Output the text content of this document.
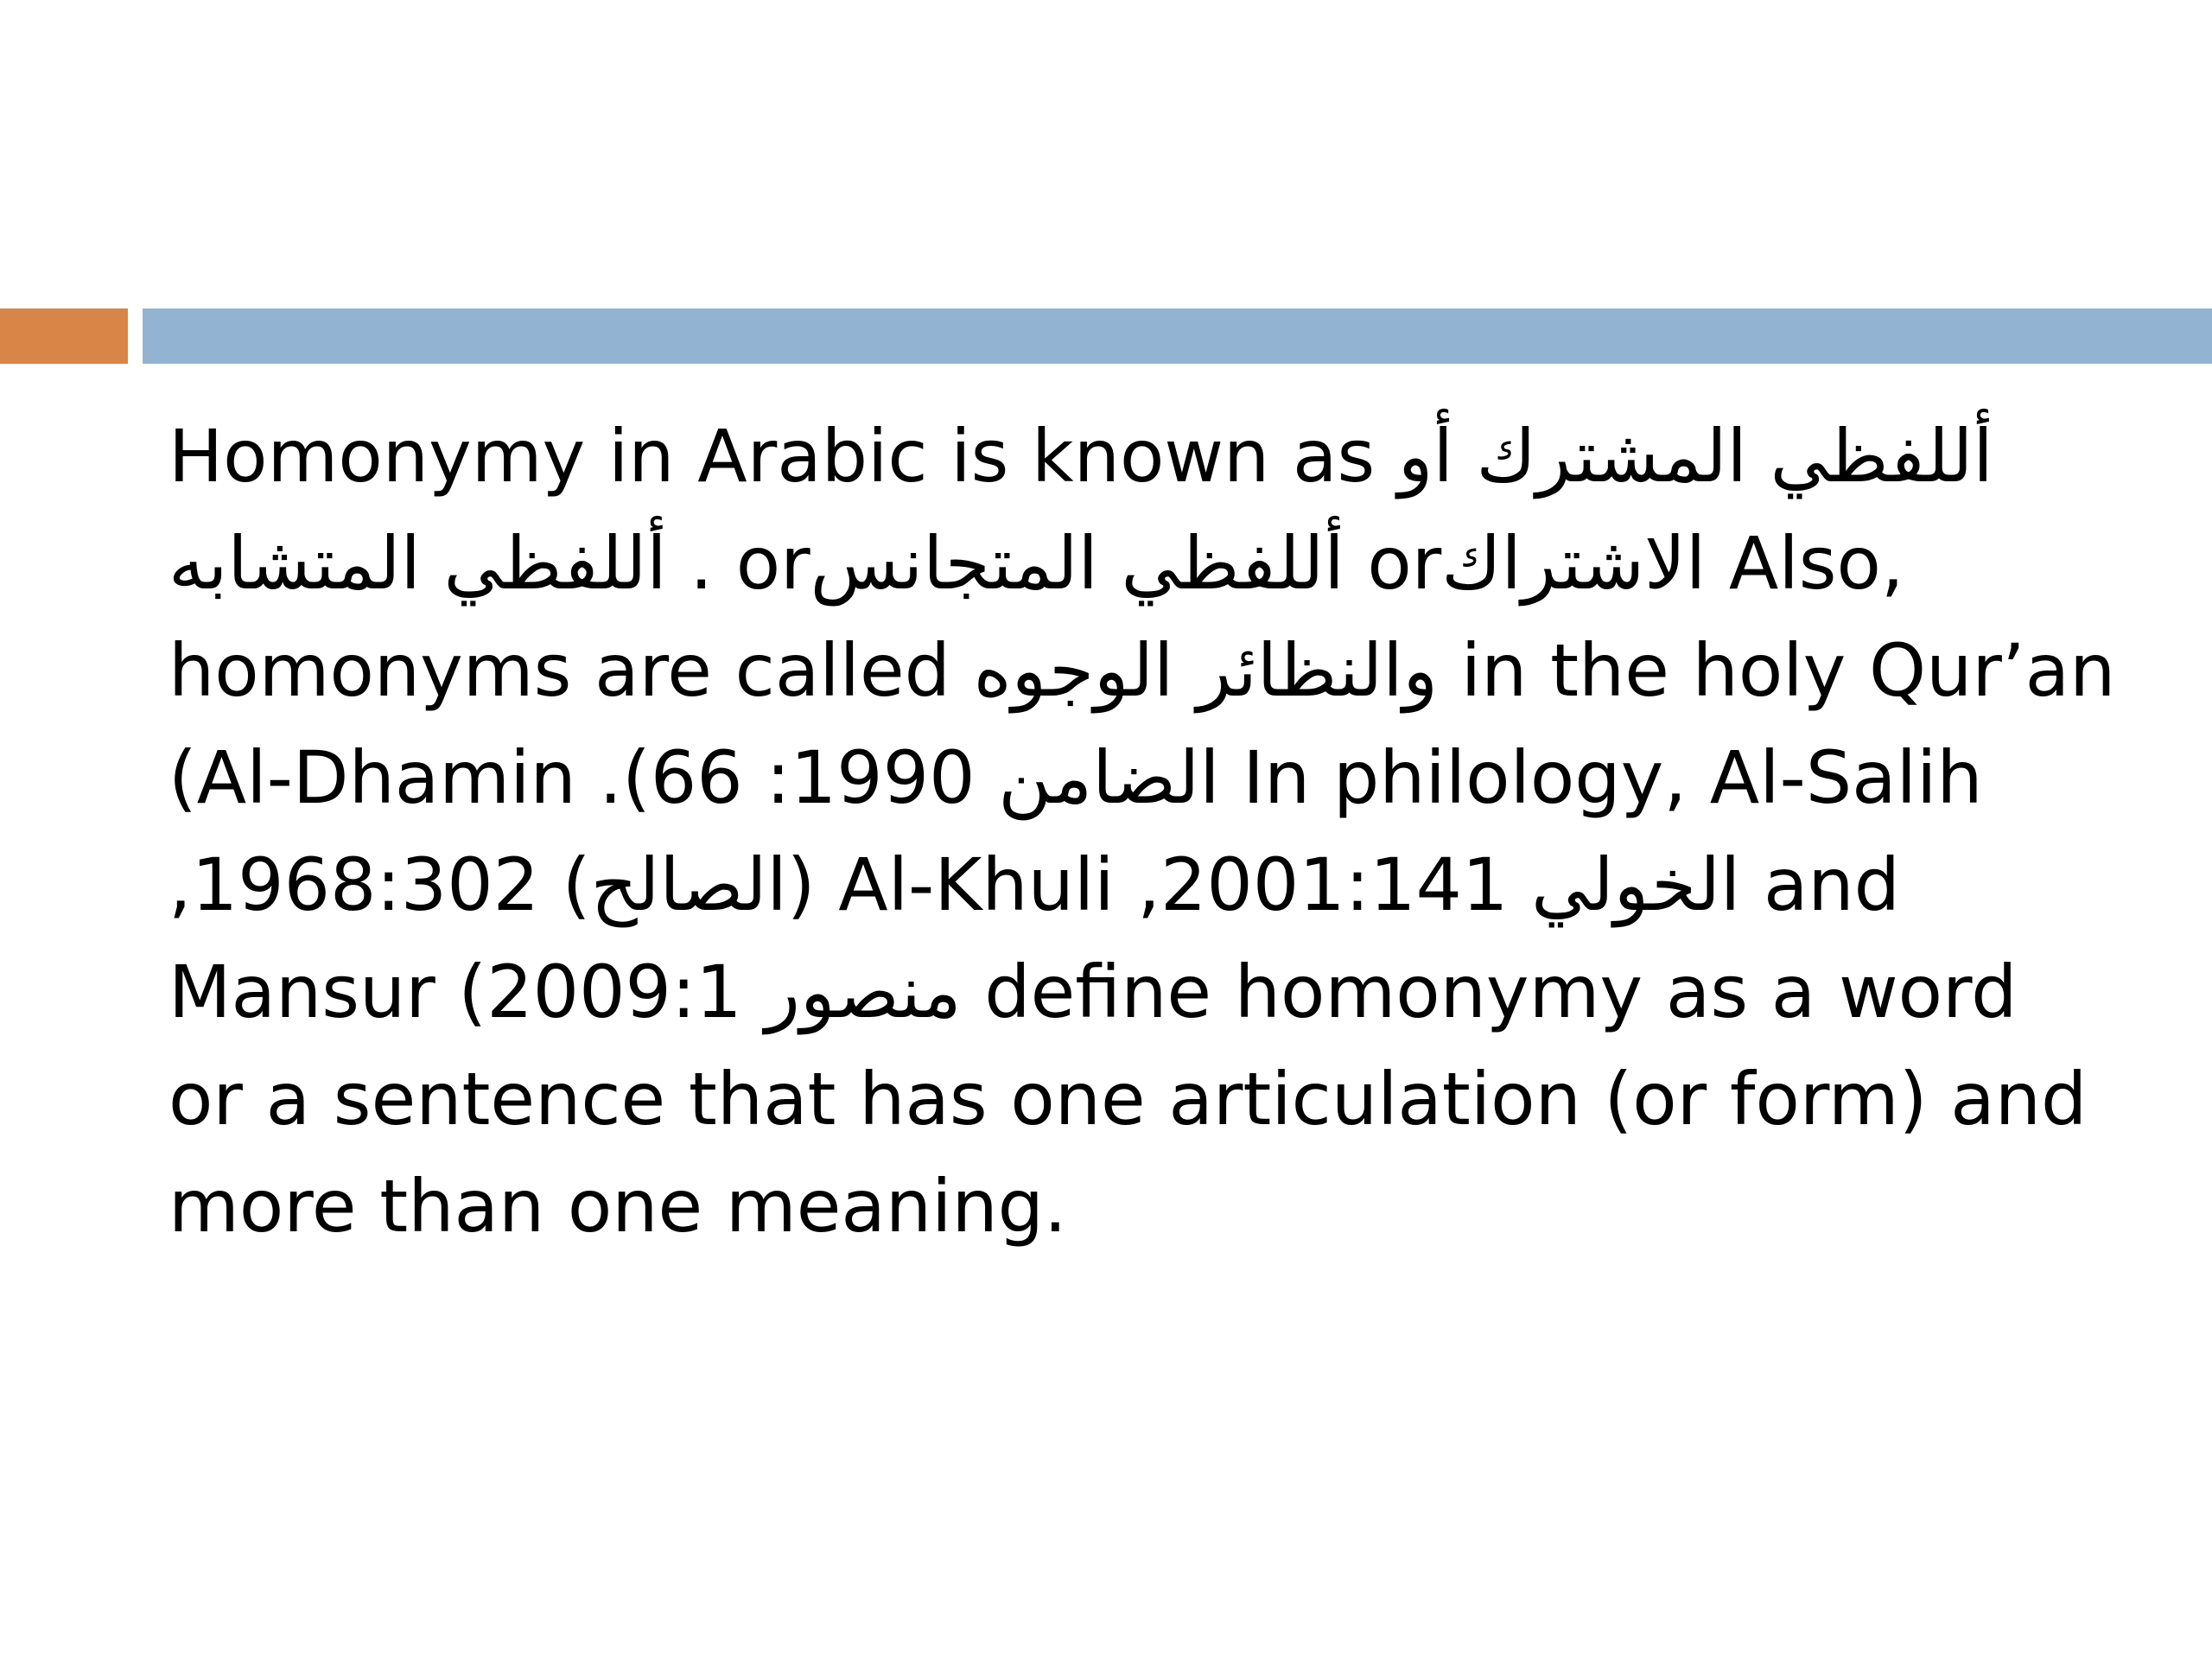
Homonymy in Arabic is known as أللفظي المشترك أو
أللفظي المتشابه . orأللفظي المتجانس orالاشتراك Also,
homonyms are called والنظائر الوجوه in the holy Qur’an
(Al-Dhamin .(66 :1990 الضامن In philology, Al-Salih
,1968:302 (الصالح) Al-Khuli ,2001:141 الخولي and
Mansur (2009:1 منصور define homonymy as a word
or a sentence that has one articulation (or form) and
more than one meaning.
